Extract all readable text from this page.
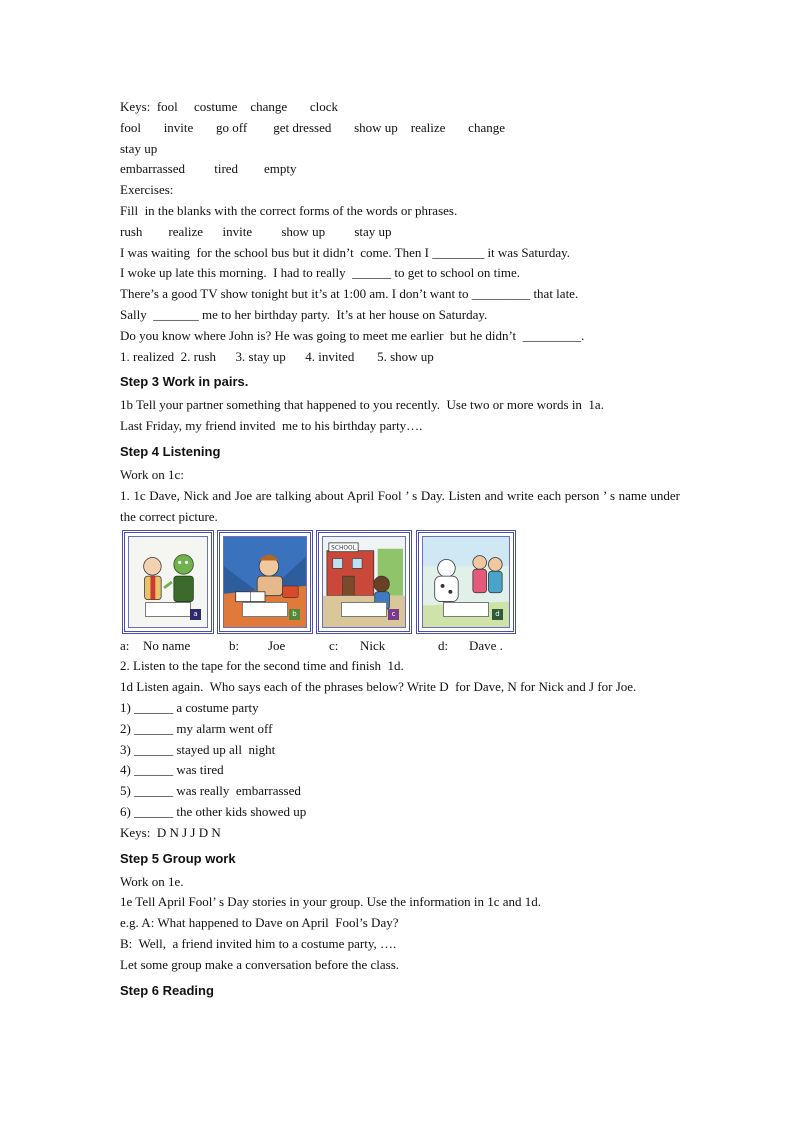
Keys:  fool     costume    change       clock

fool       invite       go off        get dressed       show up    realize       change

stay up

embarrassed         tired        empty

Exercises:

Fill  in the blanks with the correct forms of the words or phrases.

rush        realize      invite         show up         stay up

I was waiting  for the school bus but it didn’t  come. Then I ________ it was Saturday.

I woke up late this morning.  I had to really  ______ to get to school on time.

There’s a good TV show tonight but it’s at 1:00 am. I don’t want to _________ that late.

Sally  _______ me to her birthday party.  It’s at her house on Saturday.

Do you know where John is? He was going to meet me earlier  but he didn’t  _________.

1. realized  2. rush      3. stay up      4. invited       5. show up

Step 3 Work in pairs.

1b Tell your partner something that happened to you recently.  Use two or more words in  1a.

Last Friday, my friend invited  me to his birthday party….

Step 4 Listening

Work on 1c:

1. 1c Dave, Nick and Joe are talking about April Fool ’ s Day. Listen and write each person ’ s name under the correct picture.

a	b
SCHOOL
c	d
a: No name	b: Joe	c: Nick	d: Dave .

2. Listen to the tape for the second time and finish  1d.

1d Listen again.  Who says each of the phrases below? Write D  for Dave, N for Nick and J for Joe.

1) ______ a costume party

2) ______ my alarm went off

3) ______ stayed up all  night

4) ______ was tired

5) ______ was really  embarrassed

6) ______ the other kids showed up

Keys:  D N J J D N

Step 5 Group work

Work on 1e.

1e Tell April Fool’ s Day stories in your group. Use the information in 1c and 1d.

e.g. A: What happened to Dave on April  Fool’s Day?

B:  Well,  a friend invited him to a costume party, ….

Let some group make a conversation before the class.

Step 6 Reading
